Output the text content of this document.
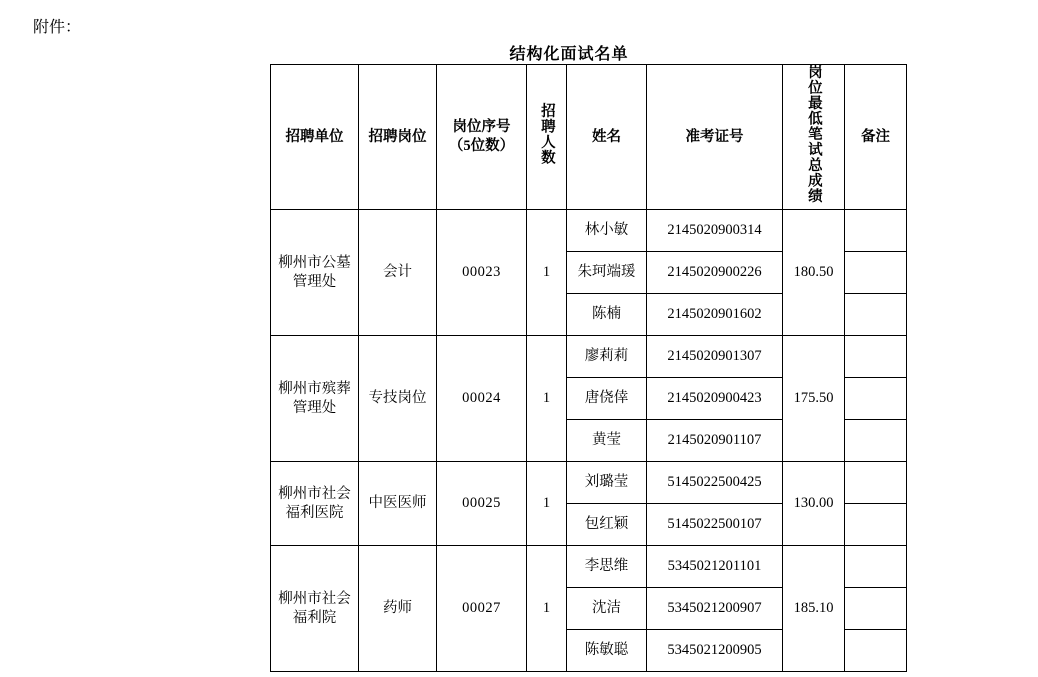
附件：
结构化面试名单
招聘单位	招聘岗位	岗位序号 （5位数）	招聘人数	姓名	准考证号	岗位最低笔试总成绩	备注
柳州市公墓管理处	会计	00023	1	林小敏	2145020900314	180.50	
				朱珂端瑗	2145020900226		
				陈楠	2145020901602		
柳州市殡葬管理处	专技岗位	00024	1	廖莉莉	2145020901307	175.50	
				唐侥倖	2145020900423		
				黄莹	2145020901107		
柳州市社会福利医院	中医医师	00025	1	刘璐莹	5145022500425	130.00	
				包红颖	5145022500107		
柳州市社会福利院	药师	00027	1	李思维	5345021201101	185.10	
				沈洁	5345021200907		
				陈敏聪	5345021200905		
